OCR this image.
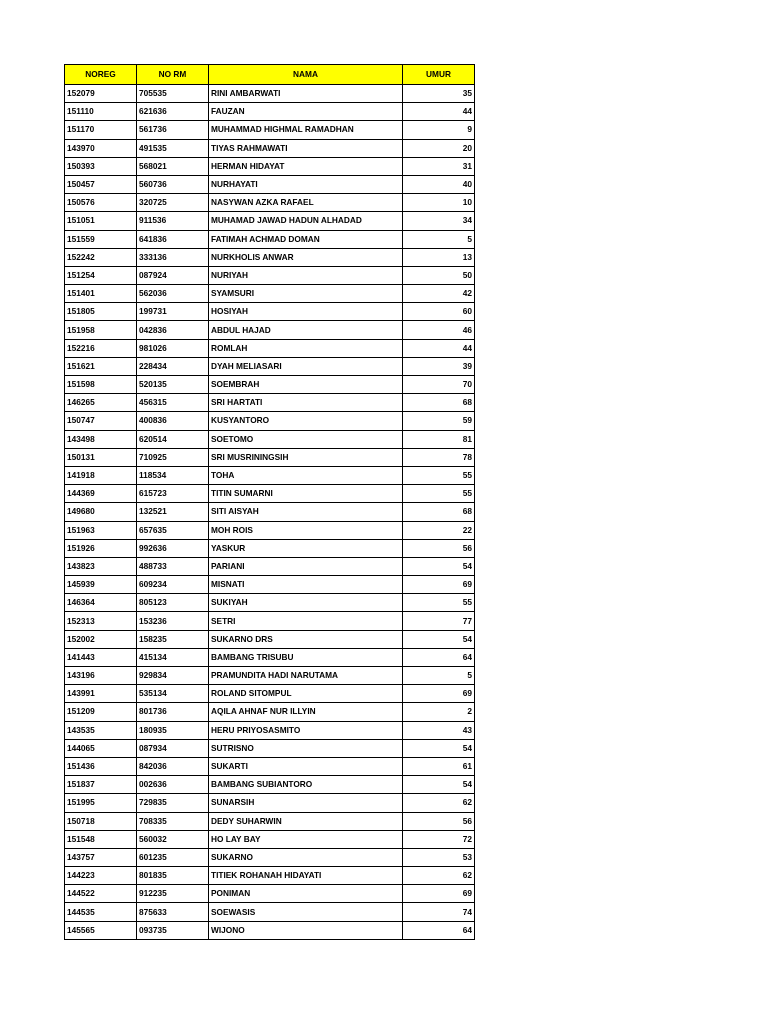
NOREG	NO RM	NAMA	UMUR
152079	705535	RINI AMBARWATI	35
151110	621636	FAUZAN	44
151170	561736	MUHAMMAD HIGHMAL RAMADHAN	9
143970	491535	TIYAS RAHMAWATI	20
150393	568021	HERMAN HIDAYAT	31
150457	560736	NURHAYATI	40
150576	320725	NASYWAN AZKA RAFAEL	10
151051	911536	MUHAMAD JAWAD HADUN ALHADAD	34
151559	641836	FATIMAH ACHMAD DOMAN	5
152242	333136	NURKHOLIS ANWAR	13
151254	087924	NURIYAH	50
151401	562036	SYAMSURI	42
151805	199731	HOSIYAH	60
151958	042836	ABDUL HAJAD	46
152216	981026	ROMLAH	44
151621	228434	DYAH MELIASARI	39
151598	520135	SOEMBRAH	70
146265	456315	SRI HARTATI	68
150747	400836	KUSYANTORO	59
143498	620514	SOETOMO	81
150131	710925	SRI MUSRININGSIH	78
141918	118534	TOHA	55
144369	615723	TITIN SUMARNI	55
149680	132521	SITI AISYAH	68
151963	657635	MOH ROIS	22
151926	992636	YASKUR	56
143823	488733	PARIANI	54
145939	609234	MISNATI	69
146364	805123	SUKIYAH	55
152313	153236	SETRI	77
152002	158235	SUKARNO DRS	54
141443	415134	BAMBANG TRISUBU	64
143196	929834	PRAMUNDITA HADI NARUTAMA	5
143991	535134	ROLAND SITOMPUL	69
151209	801736	AQILA AHNAF NUR ILLYIN	2
143535	180935	HERU PRIYOSASMITO	43
144065	087934	SUTRISNO	54
151436	842036	SUKARTI	61
151837	002636	BAMBANG SUBIANTORO	54
151995	729835	SUNARSIH	62
150718	708335	DEDY SUHARWIN	56
151548	560032	HO LAY BAY	72
143757	601235	SUKARNO	53
144223	801835	TITIEK ROHANAH HIDAYATI	62
144522	912235	PONIMAN	69
144535	875633	SOEWASIS	74
145565	093735	WIJONO	64
